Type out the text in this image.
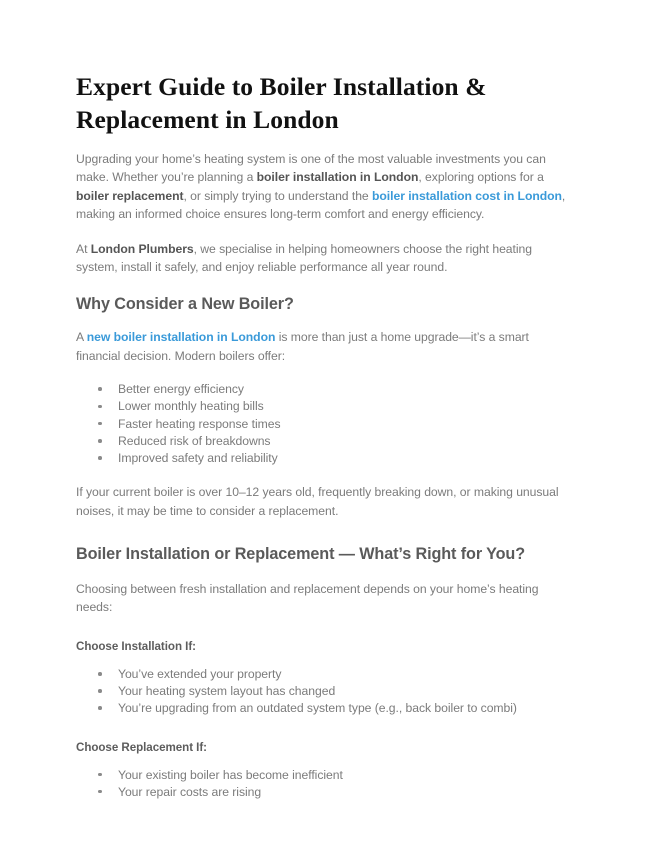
Expert Guide to Boiler Installation & Replacement in London

Upgrading your home’s heating system is one of the most valuable investments you can make. Whether you’re planning a boiler installation in London, exploring options for a boiler replacement, or simply trying to understand the boiler installation cost in London, making an informed choice ensures long-term comfort and energy efficiency.

At London Plumbers, we specialise in helping homeowners choose the right heating system, install it safely, and enjoy reliable performance all year round.

Why Consider a New Boiler?

A new boiler installation in London is more than just a home upgrade—it’s a smart financial decision. Modern boilers offer:

Better energy efficiency
Lower monthly heating bills
Faster heating response times
Reduced risk of breakdowns
Improved safety and reliability

If your current boiler is over 10–12 years old, frequently breaking down, or making unusual noises, it may be time to consider a replacement.

Boiler Installation or Replacement — What’s Right for You?

Choosing between fresh installation and replacement depends on your home’s heating needs:

Choose Installation If:
You’ve extended your property
Your heating system layout has changed
You’re upgrading from an outdated system type (e.g., back boiler to combi)
Choose Replacement If:
Your existing boiler has become inefficient
Your repair costs are rising
